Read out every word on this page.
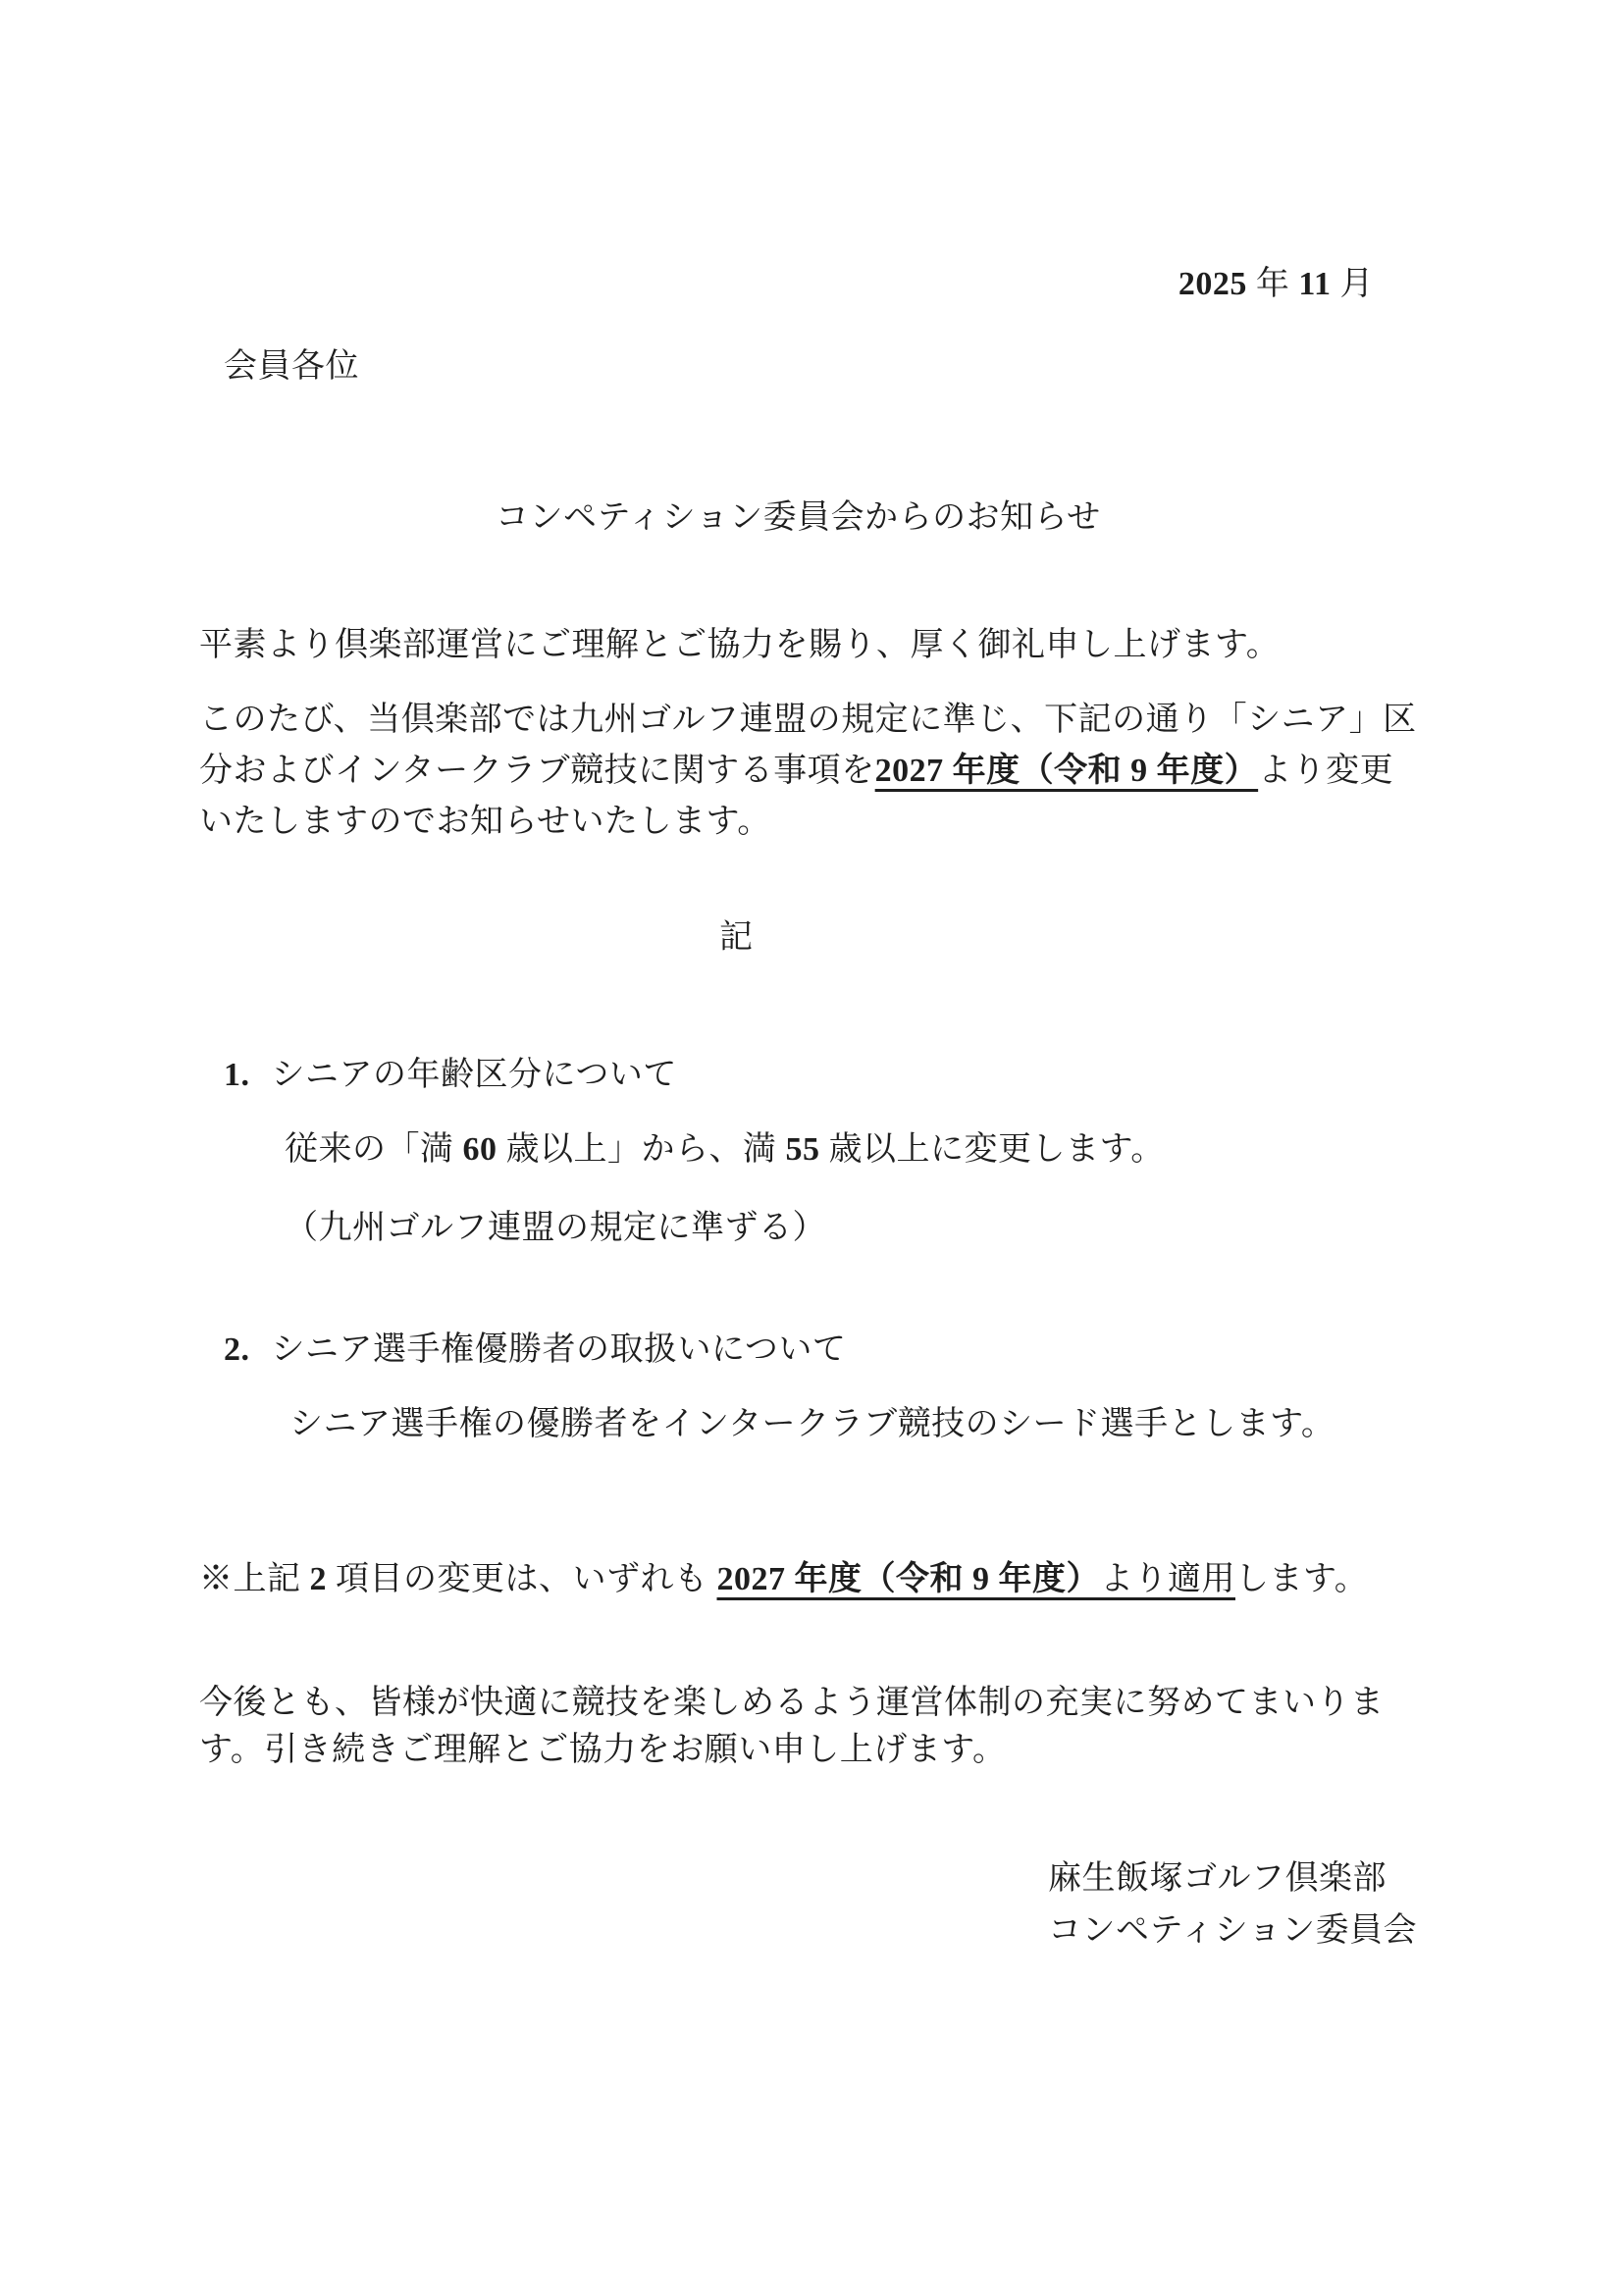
2025 年 11 月
会員各位
コンペティション委員会からのお知らせ
平素より倶楽部運営にご理解とご協力を賜り、厚く御礼申し上げます。
このたび、当倶楽部では九州ゴルフ連盟の規定に準じ、下記の通り「シニア」区
分およびインタークラブ競技に関する事項を2027 年度（令和 9 年度）より変更
いたしますのでお知らせいたします。
記
1. シニアの年齢区分について
従来の「満 60 歳以上」から、満 55 歳以上に変更します。
（九州ゴルフ連盟の規定に準ずる）
2. シニア選手権優勝者の取扱いについて
シニア選手権の優勝者をインタークラブ競技のシード選手とします。
※上記 2 項目の変更は、いずれも 2027 年度（令和 9 年度）より適用します。
今後とも、皆様が快適に競技を楽しめるよう運営体制の充実に努めてまいりま
す。引き続きご理解とご協力をお願い申し上げます。
麻生飯塚ゴルフ倶楽部
コンペティション委員会
